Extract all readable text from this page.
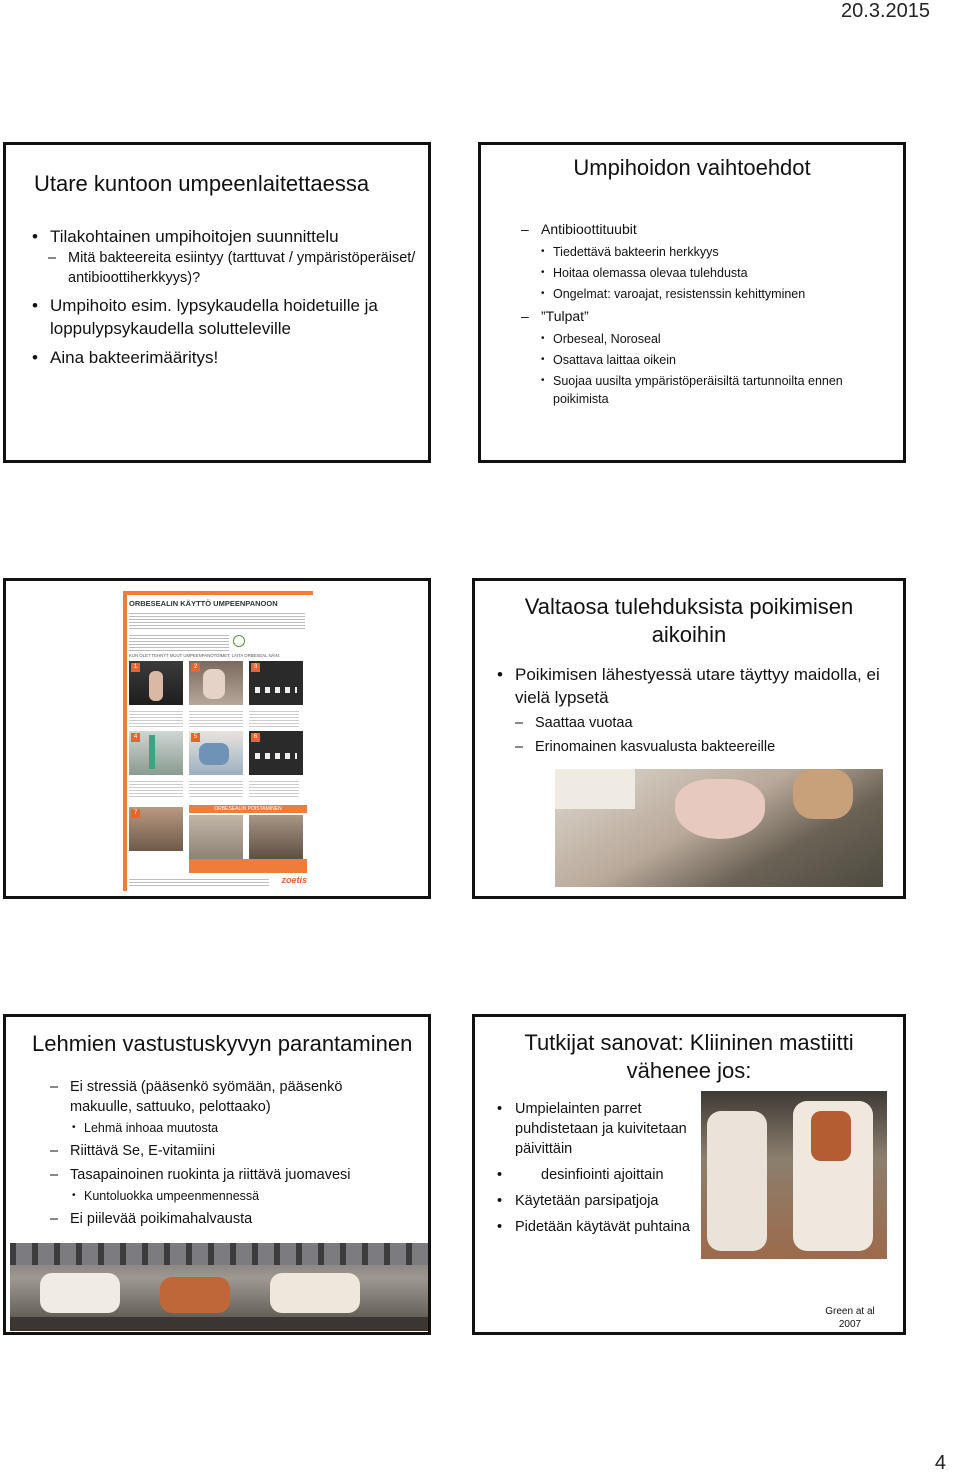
20.3.2015
Utare kuntoon umpeenlaitettaessa
• Tilakohtainen umpihoitojen suunnittelu
– Mitä bakteereita esiintyy (tarttuvat / ympäristöperäiset/ antibioottiherkkyys)?
• Umpihoito esim. lypsykaudella hoidetuille ja loppulypsykaudella solutteleville
• Aina bakteerimääritys!
Umpihoidon vaihtoehdot
– Antibioottituubit
• Tiedettävä bakteerin herkkyys
• Hoitaa olemassa olevaa tulehdusta
• Ongelmat: varoajat, resistenssin kehittyminen
– ”Tulpat”
• Orbeseal, Noroseal
• Osattava laittaa oikein
• Suojaa uusilta ympäristöperäisiltä tartunnoilta ennen poikimista
ORBESEALIN KÄYTTÖ UMPEENPANOON
KUN OLET TEHNYT MUUT UMPEENPANOTOIMET, LAITA ORBESEAL NÄIN:
1	2	3
4	5	6
7
ORBESEALIN POISTAMINEN
zoetis
Valtaosa tulehduksista poikimisen aikoihin
• Poikimisen lähestyessä utare täyttyy maidolla, ei vielä lypsetä
– Saattaa vuotaa
– Erinomainen kasvualusta bakteereille
Lehmien vastustuskyvyn parantaminen
– Ei stressiä (pääsenkö syömään, pääsenkö makuulle, sattuuko, pelottaako)
• Lehmä inhoaa muutosta
– Riittävä Se, E-vitamiini
– Tasapainoinen ruokinta ja riittävä juomavesi
• Kuntoluokka umpeenmennessä
– Ei piilevää poikimahalvausta
Tutkijat sanovat: Kliininen mastiitti vähenee jos:
• Umpielainten parret puhdistetaan ja kuivitetaan päivittäin
• desinfiointi ajoittain
• Käytetään parsipatjoja
• Pidetään käytävät puhtaina
Green at al 2007
4
